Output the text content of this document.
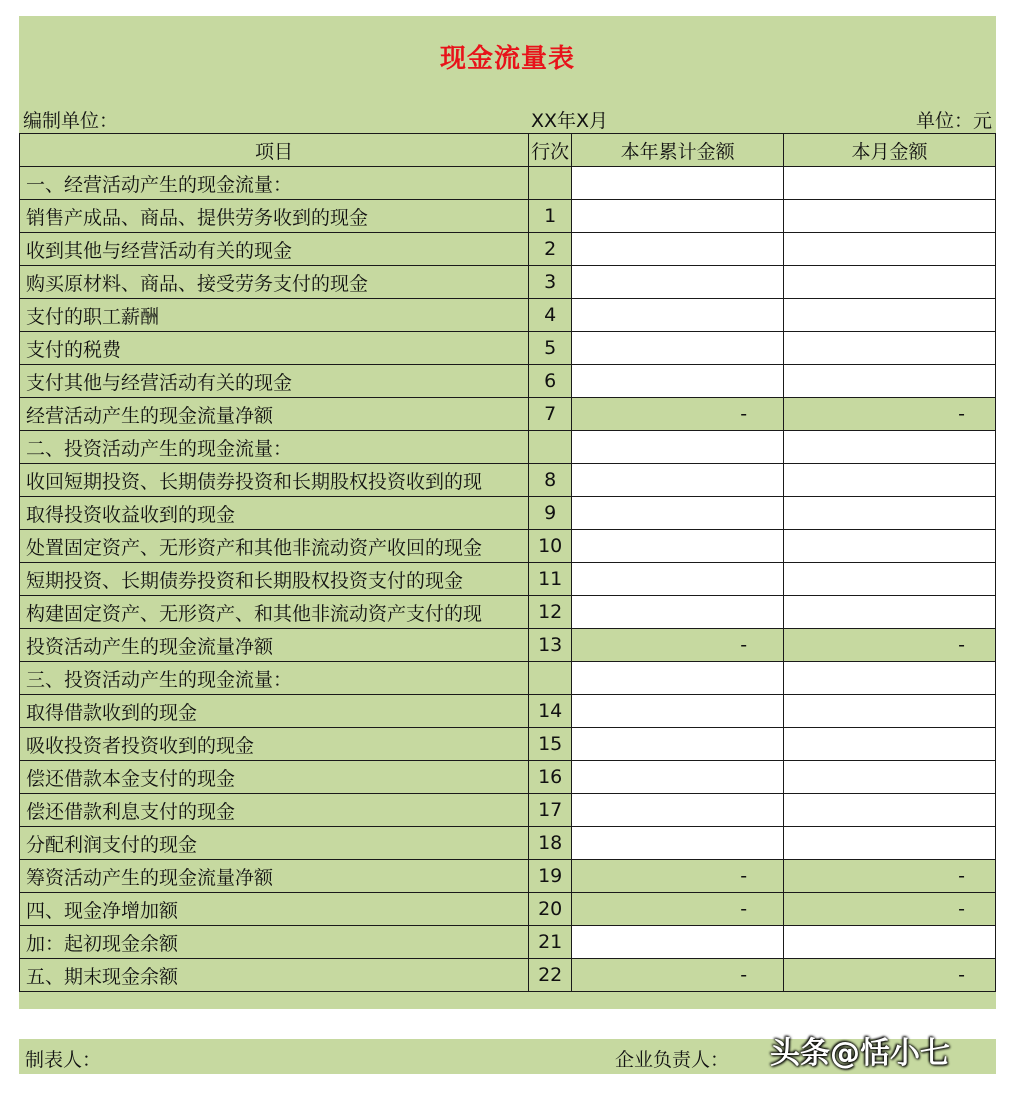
现金流量表
编制单位：	XX年X月	单位：元
项目	行次	本年累计金额	本月金额
一、经营活动产生的现金流量：			
销售产成品、商品、提供劳务收到的现金	1		
收到其他与经营活动有关的现金	2		
购买原材料、商品、接受劳务支付的现金	3		
支付的职工薪酬	4		
支付的税费	5		
支付其他与经营活动有关的现金	6		
经营活动产生的现金流量净额	7	-	-
二、投资活动产生的现金流量：			
收回短期投资、长期债券投资和长期股权投资收到的现	8		
取得投资收益收到的现金	9		
处置固定资产、无形资产和其他非流动资产收回的现金	10		
短期投资、长期债券投资和长期股权投资支付的现金	11		
构建固定资产、无形资产、和其他非流动资产支付的现	12		
投资活动产生的现金流量净额	13	-	-
三、投资活动产生的现金流量：			
取得借款收到的现金	14		
吸收投资者投资收到的现金	15		
偿还借款本金支付的现金	16		
偿还借款利息支付的现金	17		
分配利润支付的现金	18		
筹资活动产生的现金流量净额	19	-	-
四、现金净增加额	20	-	-
加：起初现金余额	21		
五、期末现金余额	22	-	-
制表人：	企业负责人： 头条@恬小七
